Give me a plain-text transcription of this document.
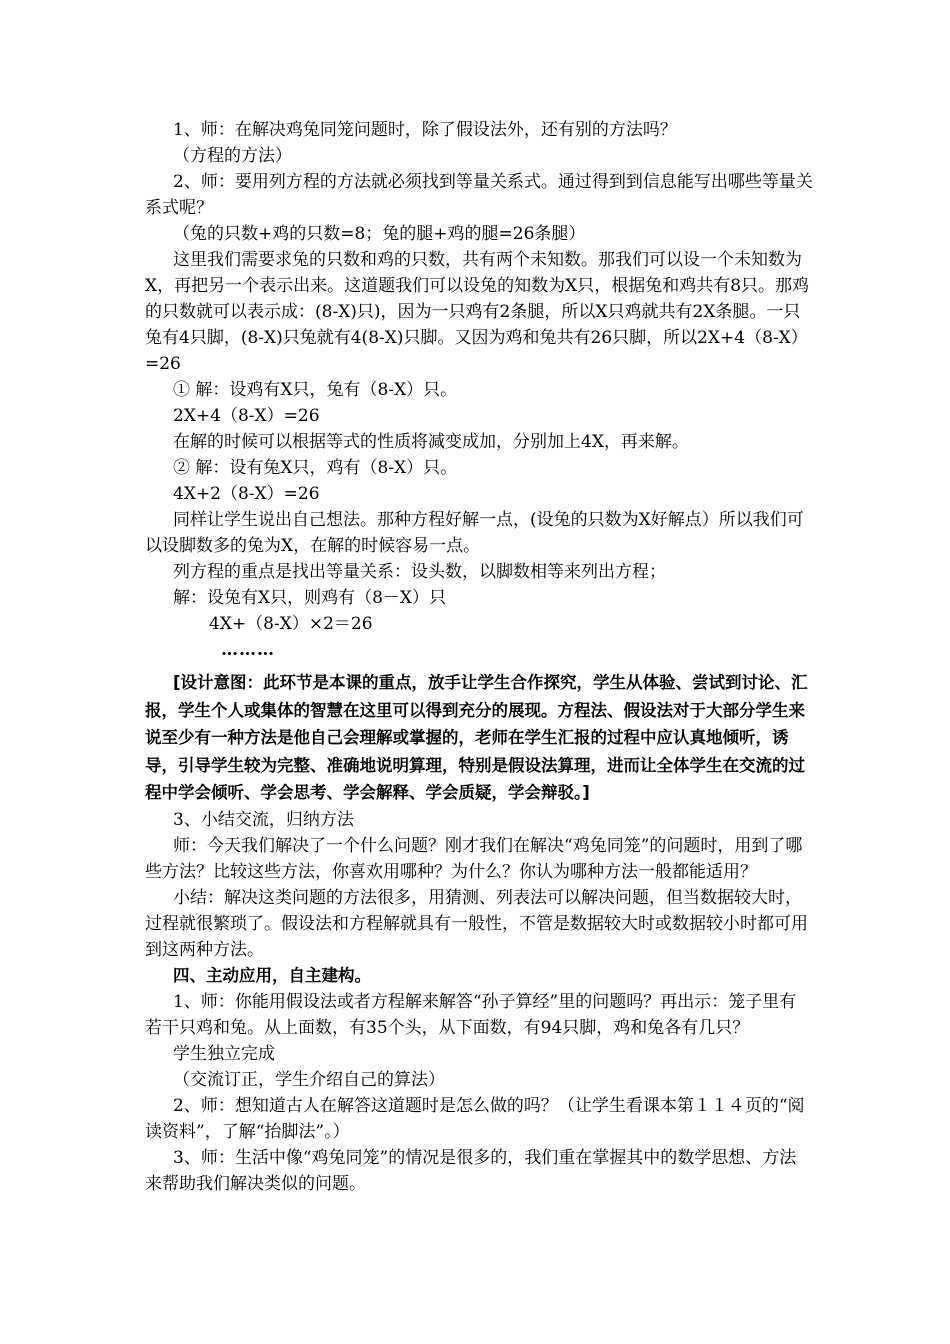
1、师：在解决鸡兔同笼问题时，除了假设法外，还有别的方法吗？

（方程的方法）

2、师：要用列方程的方法就必须找到等量关系式。通过得到到信息能写出哪些等量关系式呢？

（兔的只数+鸡的只数=8；兔的腿+鸡的腿=26条腿）

这里我们需要求兔的只数和鸡的只数，共有两个未知数。那我们可以设一个未知数为X，再把另一个表示出来。这道题我们可以设兔的知数为X只，根据兔和鸡共有8只。那鸡的只数就可以表示成：(8-X)只)，因为一只鸡有2条腿，所以X只鸡就共有2X条腿。一只兔有4只脚，(8-X)只兔就有4(8-X)只脚。又因为鸡和兔共有26只脚，所以2X+4（8-X）=26

① 解：设鸡有X只，兔有（8-X）只。

2X+4（8-X）=26

在解的时候可以根据等式的性质将减变成加，分别加上4X，再来解。

② 解：设有兔X只，鸡有（8-X）只。

4X+2（8-X）=26

同样让学生说出自己想法。那种方程好解一点，(设兔的只数为X好解点）所以我们可以设脚数多的兔为X，在解的时候容易一点。

列方程的重点是找出等量关系：设头数，以脚数相等来列出方程；

解：设兔有X只，则鸡有（8－X）只

4X+（8-X）×2＝26

………

[设计意图：此环节是本课的重点，放手让学生合作探究，学生从体验、尝试到讨论、汇报，学生个人或集体的智慧在这里可以得到充分的展现。方程法、假设法对于大部分学生来说至少有一种方法是他自己会理解或掌握的，老师在学生汇报的过程中应认真地倾听，诱导，引导学生较为完整、准确地说明算理，特别是假设法算理，进而让全体学生在交流的过程中学会倾听、学会思考、学会解释、学会质疑，学会辩驳。]

3、小结交流，归纳方法

师：今天我们解决了一个什么问题？刚才我们在解决“鸡兔同笼”的问题时，用到了哪些方法？比较这些方法，你喜欢用哪种？为什么？你认为哪种方法一般都能适用？

小结：解决这类问题的方法很多，用猜测、列表法可以解决问题，但当数据较大时，过程就很繁琐了。假设法和方程解就具有一般性，不管是数据较大时或数据较小时都可用到这两种方法。

四、主动应用，自主建构。

1、师：你能用假设法或者方程解来解答“孙子算经”里的问题吗？再出示：笼子里有若干只鸡和兔。从上面数，有35个头，从下面数，有94只脚，鸡和兔各有几只？

学生独立完成

（交流订正，学生介绍自己的算法）

2、师：想知道古人在解答这道题时是怎么做的吗？（让学生看课本第１１４页的“阅读资料”，了解“抬脚法”。）

3、师：生活中像“鸡兔同笼”的情况是很多的，我们重在掌握其中的数学思想、方法来帮助我们解决类似的问题。
